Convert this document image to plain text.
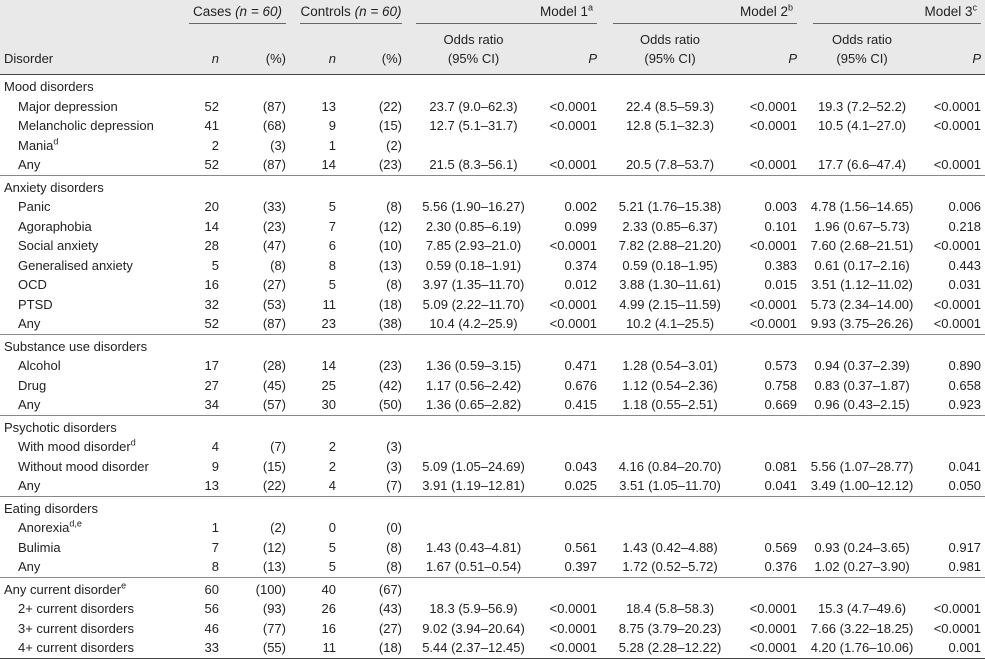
	Cases (n = 60)		Controls (n = 60)		Model 1$^a$		Model 2$^b$		Model 3$^c$

					Odds ratio		Odds ratio		Odds ratio	
Disorder	n	(%)	n	(%)	(95% CI)	P	(95% CI)	P	(95% CI)	P
Mood disorders										
Major depression	52	(87)	13	(22)	23.7 (9.0–62.3)	<0.0001	22.4 (8.5–59.3)	<0.0001	19.3 (7.2–52.2)	<0.0001
Melancholic depression	41	(68)	9	(15)	12.7 (5.1–31.7)	<0.0001	12.8 (5.1–32.3)	<0.0001	10.5 (4.1–27.0)	<0.0001
Mania$^d$	2	(3)	1	(2)						
Any	52	(87)	14	(23)	21.5 (8.3–56.1)	<0.0001	20.5 (7.8–53.7)	<0.0001	17.7 (6.6–47.4)	<0.0001
Anxiety disorders										
Panic	20	(33)	5	(8)	5.56 (1.90–16.27)	0.002	5.21 (1.76–15.38)	0.003	4.78 (1.56–14.65)	0.006
Agoraphobia	14	(23)	7	(12)	2.30 (0.85–6.19)	0.099	2.33 (0.85–6.37)	0.101	1.96 (0.67–5.73)	0.218
Social anxiety	28	(47)	6	(10)	7.85 (2.93–21.0)	<0.0001	7.82 (2.88–21.20)	<0.0001	7.60 (2.68–21.51)	<0.0001
Generalised anxiety	5	(8)	8	(13)	0.59 (0.18–1.91)	0.374	0.59 (0.18–1.95)	0.383	0.61 (0.17–2.16)	0.443
OCD	16	(27)	5	(8)	3.97 (1.35–11.70)	0.012	3.88 (1.30–11.61)	0.015	3.51 (1.12–11.02)	0.031
PTSD	32	(53)	11	(18)	5.09 (2.22–11.70)	<0.0001	4.99 (2.15–11.59)	<0.0001	5.73 (2.34–14.00)	<0.0001
Any	52	(87)	23	(38)	10.4 (4.2–25.9)	<0.0001	10.2 (4.1–25.5)	<0.0001	9.93 (3.75–26.26)	<0.0001
Substance use disorders										
Alcohol	17	(28)	14	(23)	1.36 (0.59–3.15)	0.471	1.28 (0.54–3.01)	0.573	0.94 (0.37–2.39)	0.890
Drug	27	(45)	25	(42)	1.17 (0.56–2.42)	0.676	1.12 (0.54–2.36)	0.758	0.83 (0.37–1.87)	0.658
Any	34	(57)	30	(50)	1.36 (0.65–2.82)	0.415	1.18 (0.55–2.51)	0.669	0.96 (0.43–2.15)	0.923
Psychotic disorders										
With mood disorder$^d$	4	(7)	2	(3)						
Without mood disorder	9	(15)	2	(3)	5.09 (1.05–24.69)	0.043	4.16 (0.84–20.70)	0.081	5.56 (1.07–28.77)	0.041
Any	13	(22)	4	(7)	3.91 (1.19–12.81)	0.025	3.51 (1.05–11.70)	0.041	3.49 (1.00–12.12)	0.050
Eating disorders										
Anorexia$^{d,e}$	1	(2)	0	(0)						
Bulimia	7	(12)	5	(8)	1.43 (0.43–4.81)	0.561	1.43 (0.42–4.88)	0.569	0.93 (0.24–3.65)	0.917
Any	8	(13)	5	(8)	1.67 (0.51–0.54)	0.397	1.72 (0.52–5.72)	0.376	1.02 (0.27–3.90)	0.981
Any current disorder$^e$	60	(100)	40	(67)						
2+ current disorders	56	(93)	26	(43)	18.3 (5.9–56.9)	<0.0001	18.4 (5.8–58.3)	<0.0001	15.3 (4.7–49.6)	<0.0001
3+ current disorders	46	(77)	16	(27)	9.02 (3.94–20.64)	<0.0001	8.75 (3.79–20.23)	<0.0001	7.66 (3.22–18.25)	<0.0001
4+ current disorders	33	(55)	11	(18)	5.44 (2.37–12.45)	<0.0001	5.28 (2.28–12.22)	<0.0001	4.20 (1.76–10.06)	0.001
